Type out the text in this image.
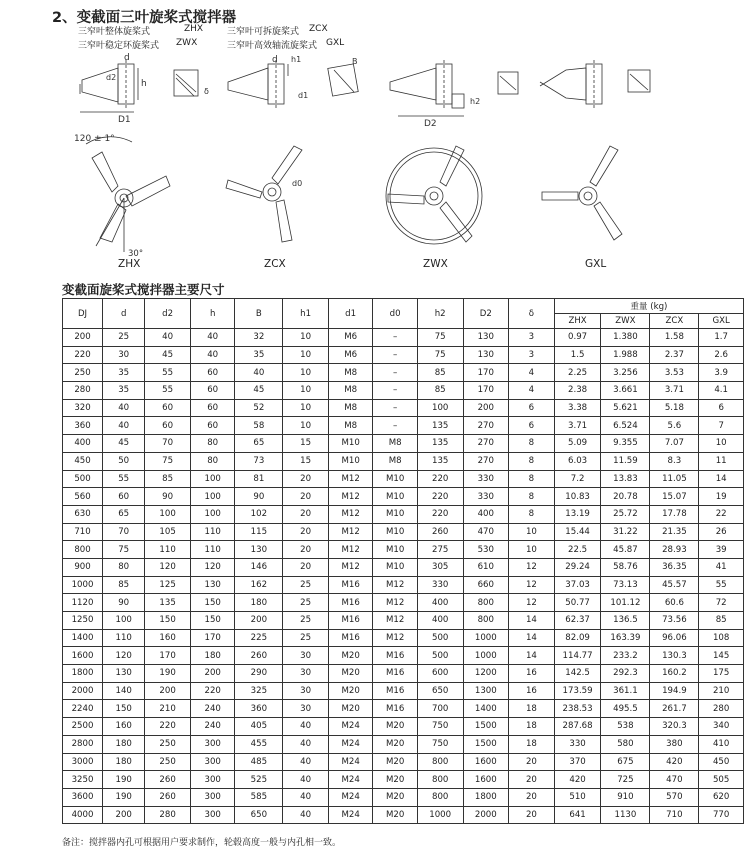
2、变截面三叶旋桨式搅拌器
三窄叶整体旋桨式	ZHX	三窄叶可拆旋桨式 ZCX
三窄叶稳定环旋桨式 ZWX	三窄叶高效轴流旋桨式 GXL
d
d2
h
D1
δ
d h1
d1
B
h2
D2
120 ± 1°
30°
d0
ZHX	ZCX	ZWX	GXL
变截面旋桨式搅拌器主要尺寸
DJ	d	d2	h	B	h1	d1	d0	h2	D2	δ	重量 (kg)			
											ZHX	ZWX	ZCX	GXL
200	25	40	40	32	10	M6	–	75	130	3	0.97	1.380	1.58	1.7
220	30	45	40	35	10	M6	–	75	130	3	1.5	1.988	2.37	2.6
250	35	55	60	40	10	M8	–	85	170	4	2.25	3.256	3.53	3.9
280	35	55	60	45	10	M8	–	85	170	4	2.38	3.661	3.71	4.1
320	40	60	60	52	10	M8	–	100	200	6	3.38	5.621	5.18	6
360	40	60	60	58	10	M8	–	135	270	6	3.71	6.524	5.6	7
400	45	70	80	65	15	M10	M8	135	270	8	5.09	9.355	7.07	10
450	50	75	80	73	15	M10	M8	135	270	8	6.03	11.59	8.3	11
500	55	85	100	81	20	M12	M10	220	330	8	7.2	13.83	11.05	14
560	60	90	100	90	20	M12	M10	220	330	8	10.83	20.78	15.07	19
630	65	100	100	102	20	M12	M10	220	400	8	13.19	25.72	17.78	22
710	70	105	110	115	20	M12	M10	260	470	10	15.44	31.22	21.35	26
800	75	110	110	130	20	M12	M10	275	530	10	22.5	45.87	28.93	39
900	80	120	120	146	20	M12	M10	305	610	12	29.24	58.76	36.35	41
1000	85	125	130	162	25	M16	M12	330	660	12	37.03	73.13	45.57	55
1120	90	135	150	180	25	M16	M12	400	800	12	50.77	101.12	60.6	72
1250	100	150	150	200	25	M16	M12	400	800	14	62.37	136.5	73.56	85
1400	110	160	170	225	25	M16	M12	500	1000	14	82.09	163.39	96.06	108
1600	120	170	180	260	30	M20	M16	500	1000	14	114.77	233.2	130.3	145
1800	130	190	200	290	30	M20	M16	600	1200	16	142.5	292.3	160.2	175
2000	140	200	220	325	30	M20	M16	650	1300	16	173.59	361.1	194.9	210
2240	150	210	240	360	30	M20	M16	700	1400	18	238.53	495.5	261.7	280
2500	160	220	240	405	40	M24	M20	750	1500	18	287.68	538	320.3	340
2800	180	250	300	455	40	M24	M20	750	1500	18	330	580	380	410
3000	180	250	300	485	40	M24	M20	800	1600	20	370	675	420	450
3250	190	260	300	525	40	M24	M20	800	1600	20	420	725	470	505
3600	190	260	300	585	40	M24	M20	800	1800	20	510	910	570	620
4000	200	280	300	650	40	M24	M20	1000	2000	20	641	1130	710	770
备注：搅拌器内孔可根据用户要求制作，轮毂高度一般与内孔相一致。
